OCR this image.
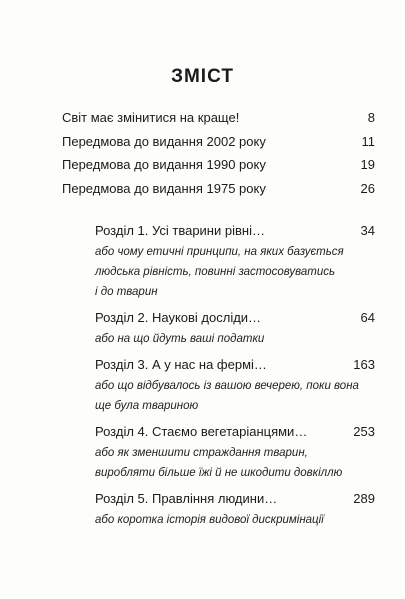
ЗМІСТ
Світ має змінитися на краще!	8
Передмова до видання 2002 року	11
Передмова до видання 1990 року	19
Передмова до видання 1975 року	26
Розділ 1. Усі тварини рівні…	34
або чому етичні принципи, на яких базується
людська рівність, повинні застосовуватись
і до тварин
Розділ 2. Наукові досліди…	64
або на що йдуть ваші податки
Розділ 3. А у нас на фермі…	163
або що відбувалось із вашою вечерею, поки вона
ще була твариною
Розділ 4. Стаємо вегетаріанцями…	253
або як зменшити страждання тварин,
виробляти більше їжі й не шкодити довкіллю
Розділ 5. Правління людини…	289
або коротка історія видової дискримінації
